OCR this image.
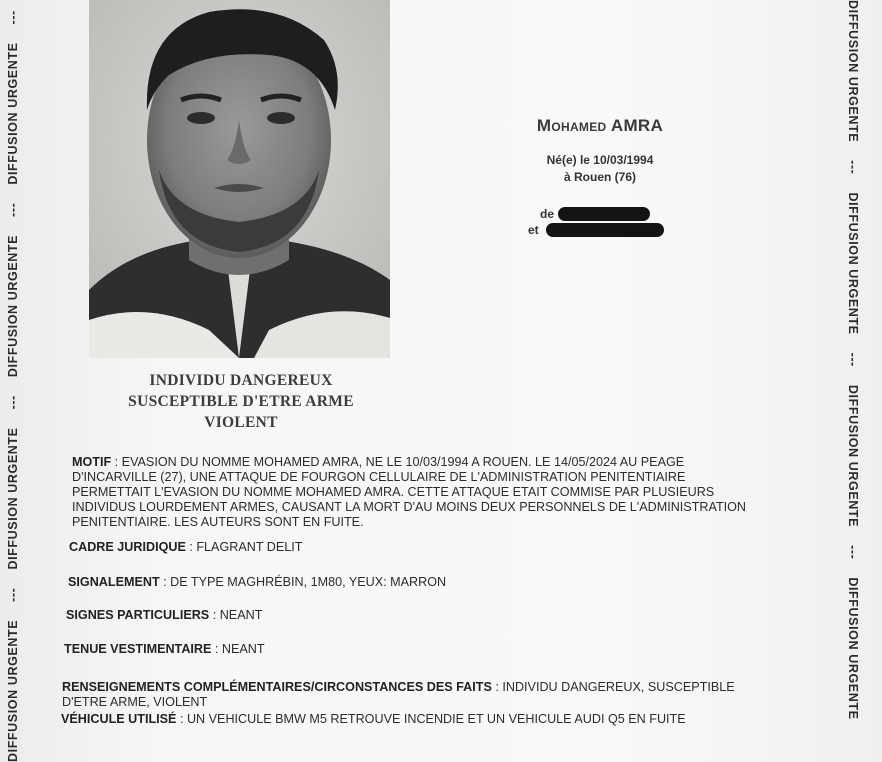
DIFFUSION URGENTE---DIFFUSION URGENTE---DIFFUSION URGENTE---DIFFUSION URGENTE---	DIFFUSION URGENTE---DIFFUSION URGENTE---DIFFUSION URGENTE---DIFFUSION URGENTE
Mohamed AMRA
Né(e) le 10/03/1994
à Rouen (76)
de
et
INDIVIDU DANGEREUX
SUSCEPTIBLE D'ETRE ARME
VIOLENT
MOTIF : EVASION DU NOMME MOHAMED AMRA, NE LE 10/03/1994 A ROUEN. LE 14/05/2024 AU PEAGE D'INCARVILLE (27), UNE ATTAQUE DE FOURGON CELLULAIRE DE L'ADMINISTRATION PENITENTIAIRE PERMETTAIT L'EVASION DU NOMME MOHAMED AMRA. CETTE ATTAQUE ETAIT COMMISE PAR PLUSIEURS INDIVIDUS LOURDEMENT ARMES, CAUSANT LA MORT D'AU MOINS DEUX PERSONNELS DE L'ADMINISTRATION PENITENTIAIRE. LES AUTEURS SONT EN FUITE.
CADRE JURIDIQUE : FLAGRANT DELIT
SIGNALEMENT : DE TYPE MAGHRÉBIN, 1M80, YEUX: MARRON
SIGNES PARTICULIERS : NEANT
TENUE VESTIMENTAIRE : NEANT
RENSEIGNEMENTS COMPLÉMENTAIRES/CIRCONSTANCES DES FAITS : INDIVIDU DANGEREUX, SUSCEPTIBLE D'ETRE ARME, VIOLENT
VÉHICULE UTILISÉ : UN VEHICULE BMW M5 RETROUVE INCENDIE ET UN VEHICULE AUDI Q5 EN FUITE
